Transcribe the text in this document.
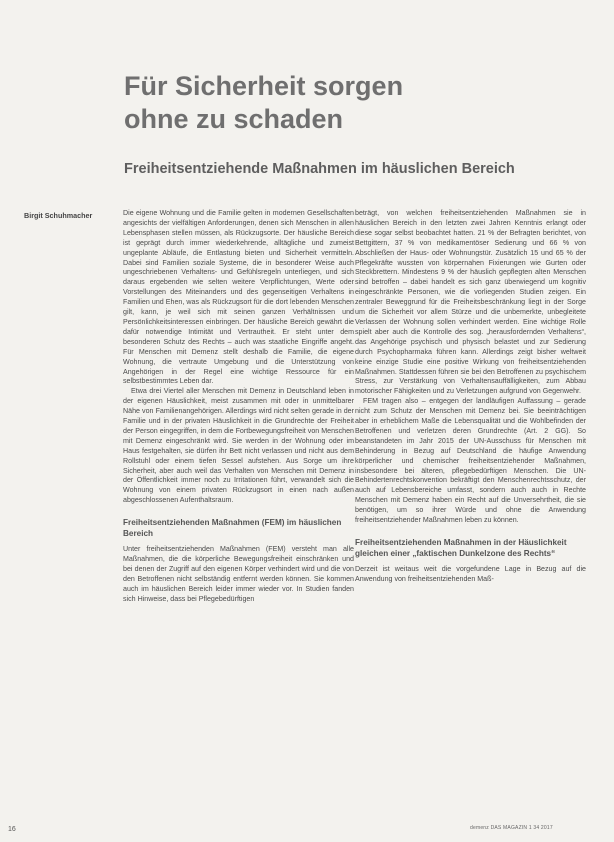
Für Sicherheit sorgen
ohne zu schaden
Freiheitsentziehende Maßnahmen im häuslichen Bereich
Birgit Schuhmacher	Die eigene Wohnung und die Familie gelten in modernen Gesellschaften angesichts der vielfältigen Anforderungen, denen sich Menschen in allen Lebensphasen stellen müssen, als Rückzugsorte. Der häusliche Bereich ist geprägt durch immer wiederkehrende, alltägliche und zumeist ungeplante Abläufe, die Entlastung bieten und Sicherheit vermitteln. Dabei sind Familien soziale Systeme, die in besonderer Weise auch ungeschriebenen Verhaltens- und Gefühlsregeln unterliegen, und sich daraus ergebenden wie selten weitere Verpflichtungen, Werte oder Vorstellungen des Miteinanders und des gegenseitigen Verhaltens in Familien und Ehen, was als Rückzugsort für die dort lebenden Menschen gilt, kann, je weil sich mit seinen ganzen Verhältnissen und Persönlichkeitsinteressen einbringen. Der häusliche Bereich gewährt die dafür notwendige Intimität und Vertrautheit. Er steht unter dem besonderen Schutz des Rechts – auch was staatliche Eingriffe angeht. Für Menschen mit Demenz stellt deshalb die Familie, die eigene Wohnung, die vertraute Umgebung und die Unterstützung von Angehörigen in der Regel eine wichtige Ressource für ein selbstbestimmtes Leben dar.

Etwa drei Viertel aller Menschen mit Demenz in Deutschland leben in der eigenen Häuslichkeit, meist zusammen mit oder in unmittelbarer Nähe von Familienangehörigen. Allerdings wird nicht selten gerade in der Familie und in der privaten Häuslichkeit in die Grundrechte der Freiheit der Person eingegriffen, in dem die Fortbewegungsfreiheit von Menschen mit Demenz eingeschränkt wird. Sie werden in der Wohnung oder im Haus festgehalten, sie dürfen ihr Bett nicht verlassen und nicht aus dem Rollstuhl oder einem tiefen Sessel aufstehen. Aus Sorge um ihre Sicherheit, aber auch weil das Verhalten von Menschen mit Demenz in der Öffentlichkeit immer noch zu Irritationen führt, verwandelt sich die Wohnung von einem privaten Rückzugsort in einen nach außen abgeschlossenen Aufenthaltsraum.

Freiheitsentziehenden Maßnahmen (FEM) im häuslichen Bereich

Unter freiheitsentziehenden Maßnahmen (FEM) versteht man alle Maßnahmen, die die körperliche Bewegungsfreiheit einschränken und bei denen der Zugriff auf den eigenen Körper verhindert wird und die von den Betroffenen nicht selbständig entfernt werden können. Sie kommen auch im häuslichen Bereich leider immer wieder vor. In Studien fanden sich Hinweise, dass bei Pflegebedürftigen

beträgt, von welchen freiheitsentziehenden Maßnahmen sie in häuslichen Bereich in den letzten zwei Jahren Kenntnis erlangt oder diese sogar selbst beobachtet hatten. 21 % der Befragten berichtet, von Bettgittern, 37 % von medikamentöser Sedierung und 66 % von Abschließen der Haus- oder Wohnungstür. Zusätzlich 15 und 65 % der Pflegekräfte wussten von körpernahen Fixierungen wie Gurten oder Steckbrettern. Mindestens 9 % der häuslich gepflegten alten Menschen sind betroffen – dabei handelt es sich ganz überwiegend um kognitiv eingeschränkte Personen, wie die vorliegenden Studien zeigen. Ein zentraler Beweggrund für die Freiheitsbeschränkung liegt in der Sorge um die Sicherheit vor allem Stürze und die unbemerkte, unbegleitete Verlassen der Wohnung sollen verhindert werden. Eine wichtige Rolle spielt aber auch die Kontrolle des sog. „herausfordernden Verhaltens“, das Angehörige psychisch und physisch belastet und zur Sedierung durch Psychopharmaka führen kann. Allerdings zeigt bisher weltweit keine einzige Studie eine positive Wirkung von freiheitsentziehenden Maßnahmen. Stattdessen führen sie bei den Betroffenen zu psychischem Stress, zur Verstärkung von Verhaltensauffälligkeiten, zum Abbau motorischer Fähigkeiten und zu Verletzungen aufgrund von Gegenwehr.

FEM tragen also – entgegen der landläufigen Auffassung – gerade nicht zum Schutz der Menschen mit Demenz bei. Sie beeinträchtigen aber in erheblichem Maße die Lebensqualität und die Wohlbefinden der Betroffenen und verletzen deren Grundrechte (Art. 2 GG). So beanstandeten im Jahr 2015 der UN-Ausschuss für Menschen mit Behinderung in Bezug auf Deutschland die häufige Anwendung körperlicher und chemischer freiheitsentziehender Maßnahmen, insbesondere bei älteren, pflegebedürftigen Menschen. Die UN-Behindertenrechtskonvention bekräftigt den Menschenrechtsschutz, der auch auf Lebensbereiche umfasst, sondern auch auch in Rechte Menschen mit Demenz haben ein Recht auf die Unversehrtheit, die sie benötigen, um so ihrer Würde und ohne die Anwendung freiheitsentziehender Maßnahmen leben zu können.

Freiheitsentziehenden Maßnahmen in der Häuslichkeit gleichen einer „faktischen Dunkelzone des Rechts“

Derzeit ist weitaus weit die vorgefundene Lage in Bezug auf die Anwendung von freiheitsentziehenden Maß-

16	demenz DAS MAGAZIN 1 34 2017
